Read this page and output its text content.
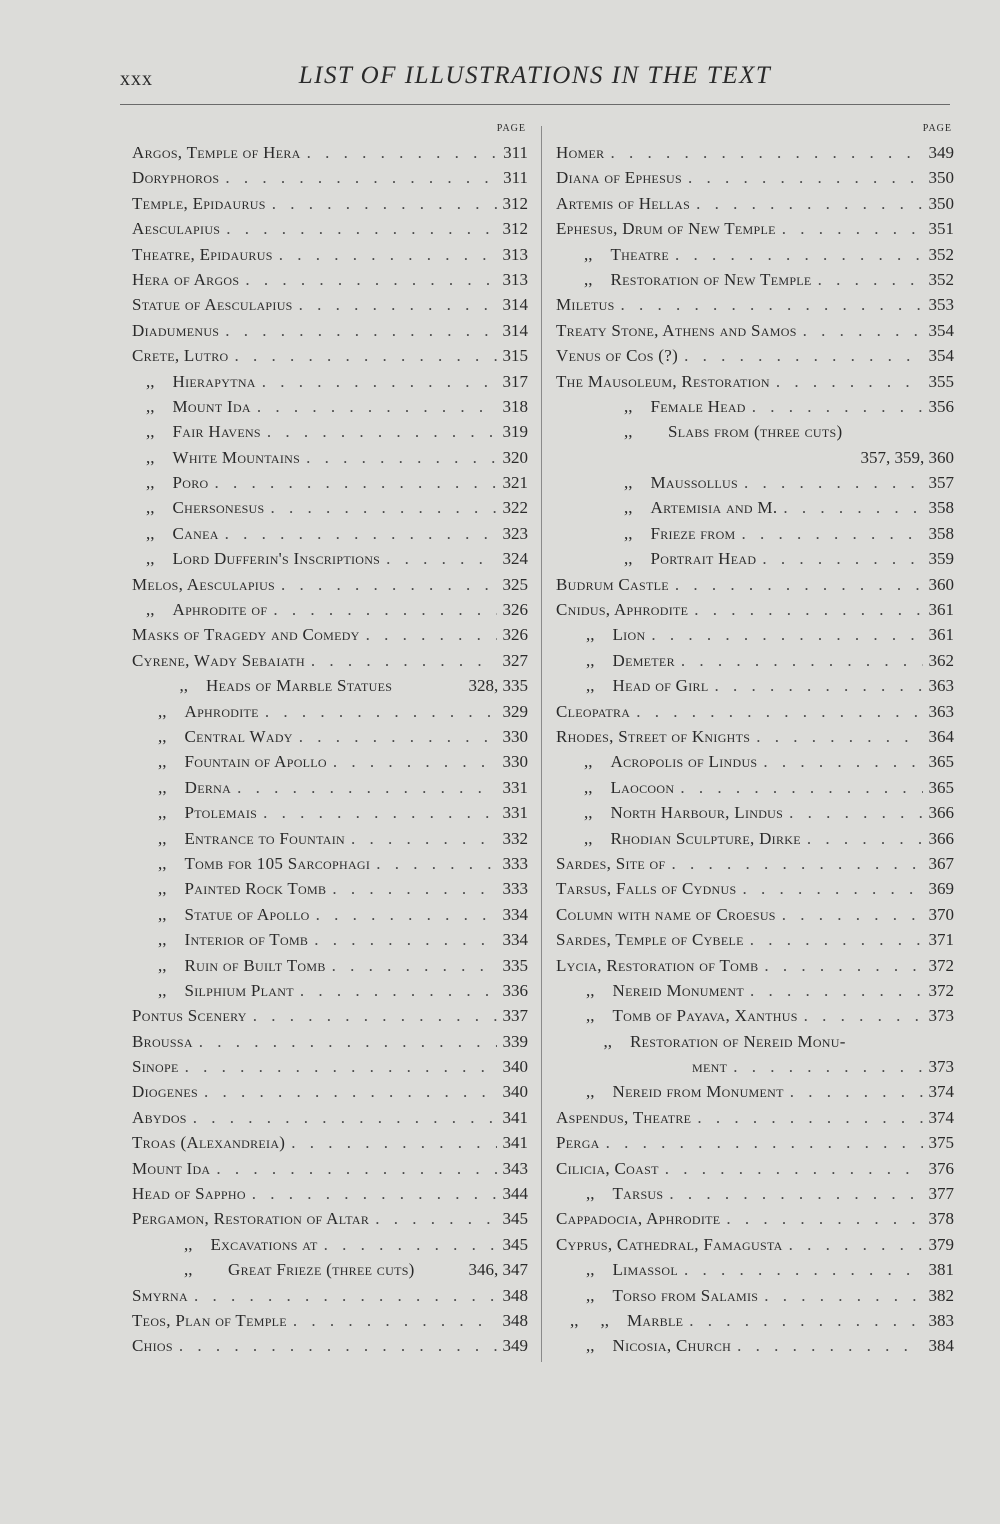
xxx	LIST OF ILLUSTRATIONS IN THE TEXT
PAGE
Argos, Temple of Hera . . .	311
Doryphoros . . .	311
Temple, Epidaurus . . .	312
Aesculapius . . .	312
Theatre, Epidaurus . . .	313
Hera of Argos . . .	313
Statue of Aesculapius . . .	314
Diadumenus . . .	314
Crete, Lutro . . .	315
,, Hierapytna . . .	317
,, Mount Ida . . .	318
,, Fair Havens . . .	319
,, White Mountains . . .	320
,, Poro . . .	321
,, Chersonesus . . .	322
,, Canea . . .	323
,, Lord Dufferin's Inscriptions . . .	324
Melos, Aesculapius . . .	325
,, Aphrodite of . . .	326
Masks of Tragedy and Comedy . . .	326
Cyrene, Wady Sebaiath . . .	327
,, Heads of Marble Statues	328, 335
,, Aphrodite . . .	329
,, Central Wady . . .	330
,, Fountain of Apollo . . .	330
,, Derna . . .	331
,, Ptolemais . . .	331
,, Entrance to Fountain . . .	332
,, Tomb for 105 Sarcophagi . . .	333
,, Painted Rock Tomb . . .	333
,, Statue of Apollo . . .	334
,, Interior of Tomb . . .	334
,, Ruin of Built Tomb . . .	335
,, Silphium Plant . . .	336
Pontus Scenery . . .	337
Broussa . . .	339
Sinope . . .	340
Diogenes . . .	340
Abydos . . .	341
Troas (Alexandreia) . . .	341
Mount Ida . . .	343
Head of Sappho . . .	344
Pergamon, Restoration of Altar . . .	345
,, Excavations at . . .	345
,,	Great Frieze (three cuts)	346, 347
Smyrna . . .	348
Teos, Plan of Temple . . .	348
Chios . . .	349
PAGE
Homer . . .	349
Diana of Ephesus . . .	350
Artemis of Hellas . . .	350
Ephesus, Drum of New Temple . . .	351
,, Theatre . . .	352
,, Restoration of New Temple . . .	352
Miletus . . .	353
Treaty Stone, Athens and Samos . . .	354
Venus of Cos (?) . . .	354
The Mausoleum, Restoration . . .	355
,, Female Head . . .	356
,,	Slabs from (three cuts)
357, 359, 360
,, Maussollus . . .	357
,, Artemisia and M. . . .	358
,, Frieze from . . .	358
,, Portrait Head . . .	359
Budrum Castle . . .	360
Cnidus, Aphrodite . . .	361
,, Lion . . .	361
,, Demeter . . .	362
,, Head of Girl . . .	363
Cleopatra . . .	363
Rhodes, Street of Knights . . .	364
,, Acropolis of Lindus . . .	365
,, Laocoon . . .	365
,, North Harbour, Lindus . . .	366
,, Rhodian Sculpture, Dirke . . .	366
Sardes, Site of . . .	367
Tarsus, Falls of Cydnus . . .	369
Column with name of Croesus . . .	370
Sardes, Temple of Cybele . . .	371
Lycia, Restoration of Tomb . . .	372
,, Nereid Monument . . .	372
,, Tomb of Payava, Xanthus . . .	373
,, Restoration of Nereid Monu-
ment . . .	373
,, Nereid from Monument . . .	374
Aspendus, Theatre . . .	374
Perga . . .	375
Cilicia, Coast . . .	376
,, Tarsus . . .	377
Cappadocia, Aphrodite . . .	378
Cyprus, Cathedral, Famagusta . . .	379
,, Limassol . . .	381
,, Torso from Salamis . . .	382
,, ,, Marble . . .	383
,, Nicosia, Church . . .	384
